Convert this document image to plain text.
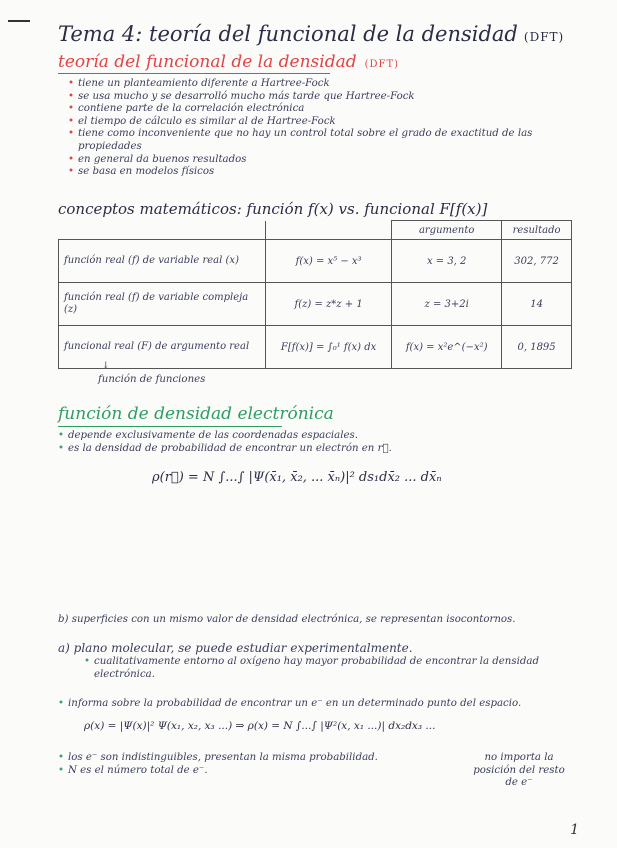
Tema 4: teoría del funcional de la densidad (DFT)
teoría del funcional de la densidad (DFT)
• tiene un planteamiento diferente a Hartree-Fock
• se usa mucho y se desarrolló mucho más tarde que Hartree-Fock
• contiene parte de la correlación electrónica
• el tiempo de cálculo es similar al de Hartree-Fock
• tiene como inconveniente que no hay un control total sobre el grado de exactitud de las propiedades
• en general da buenos resultados
• se basa en modelos físicos
conceptos matemáticos: función f(x) vs. funcional F[f(x)]
		argumento	resultado
función real (f) de variable real (x)	f(x) = x⁵ − x³	x = 3, 2	302, 772
función real (f) de variable compleja (z)	f(z) = z*z + 1	z = 3+2i	14
funcional real (F) de argumento real	F[f(x)] = ∫₀¹ f(x) dx	f(x) = x²e^(−x²)	0, 1895
↓
función de funciones
función de densidad electrónica
• depende exclusivamente de las coordenadas espaciales.
• es la densidad de probabilidad de encontrar un electrón en r⃗.
ρ(r⃗) = N ∫...∫ |Ψ(x̄₁, x̄₂, ... x̄ₙ)|² ds₁dx̄₂ ... dx̄ₙ
b) superficies con un mismo valor de densidad electrónica, se representan isocontornos.
a) plano molecular, se puede estudiar experimentalmente.
• cualitativamente entorno al oxígeno hay mayor probabilidad de encontrar la densidad electrónica.
• informa sobre la probabilidad de encontrar un e⁻ en un determinado punto del espacio.
ρ(x) = |Ψ(x)|² Ψ(x₁, x₂, x₃ ...) ⇒ ρ(x) = N ∫...∫ |Ψ²(x, x₁ ...)| dx₂dx₃ ...
• los e⁻ son indistinguibles, presentan la misma probabilidad.
• N es el número total de e⁻.
no importa la
posición del resto
de e⁻
1
